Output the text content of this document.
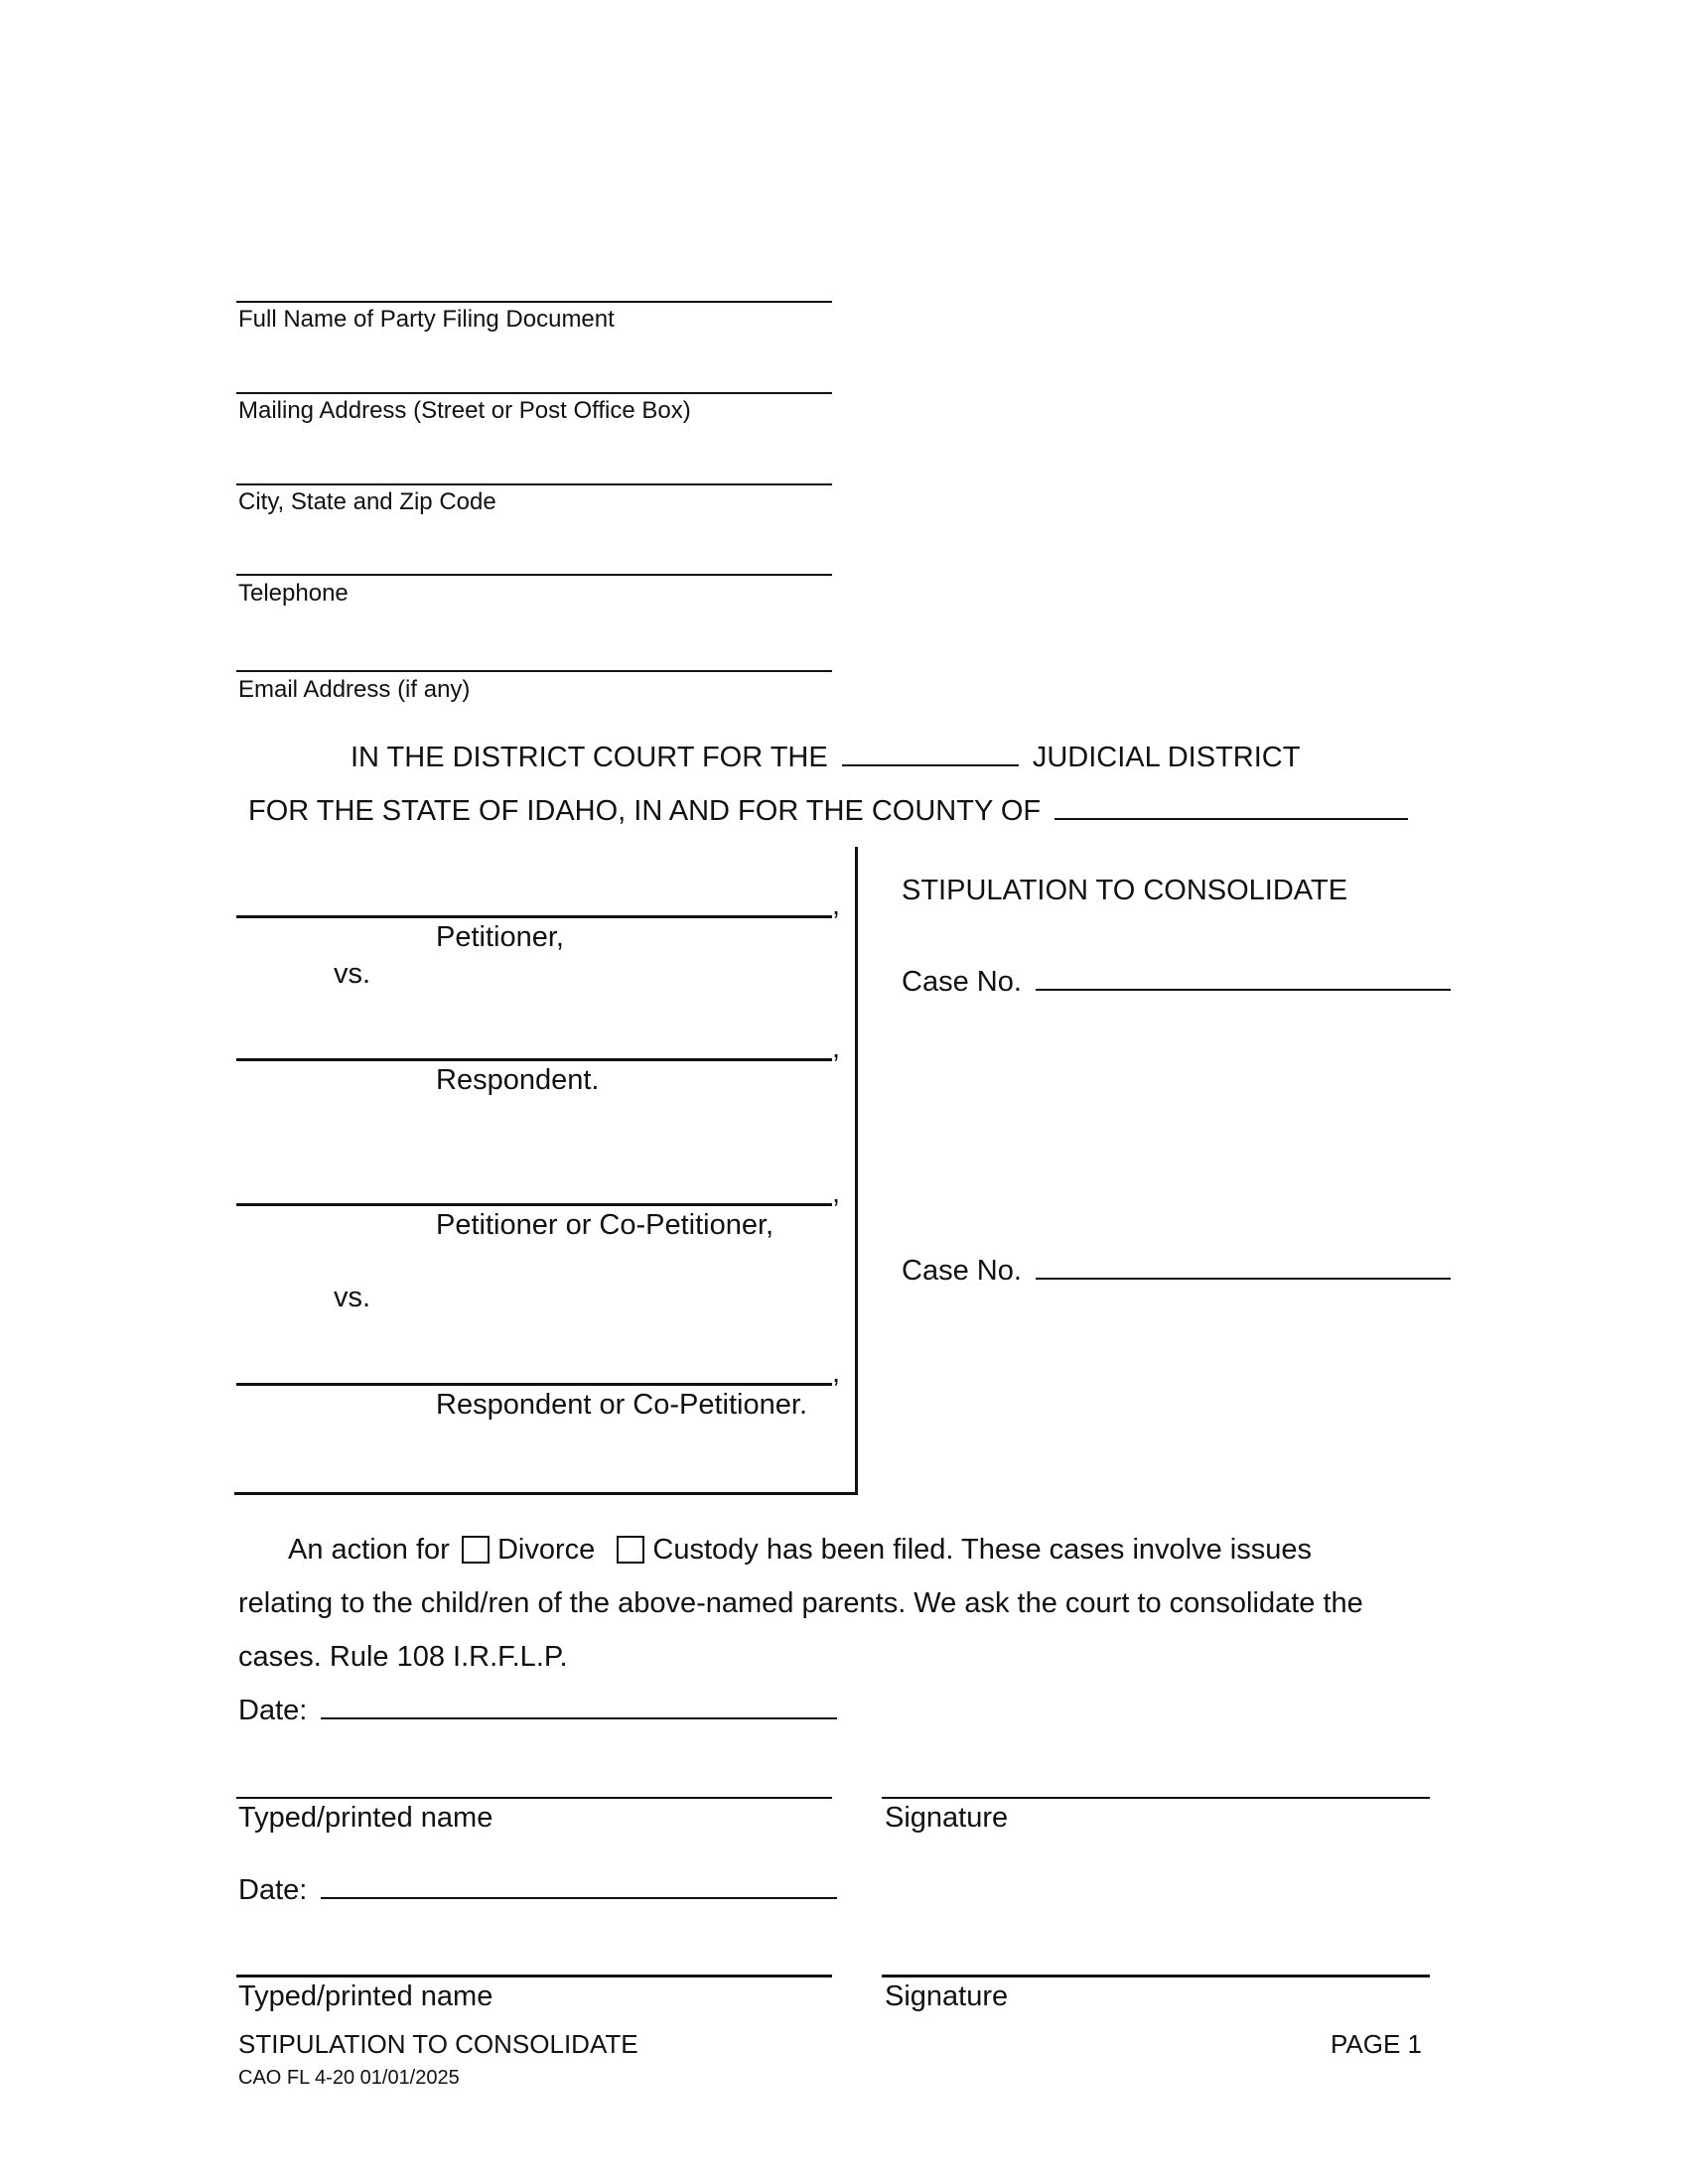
Full Name of Party Filing Document
Mailing Address (Street or Post Office Box)
City, State and Zip Code
Telephone
Email Address (if any)
IN THE DISTRICT COURT FOR THE	JUDICIAL DISTRICT
FOR THE STATE OF IDAHO, IN AND FOR THE COUNTY OF
,
Petitioner,
vs.
,
Respondent.
,
Petitioner or Co-Petitioner,
vs.
,
Respondent or Co-Petitioner.
STIPULATION TO CONSOLIDATE
Case No.
Case No.
An action for Divorce Custody has been filed. These cases involve issues
relating to the child/ren of the above-named parents. We ask the court to consolidate the
cases. Rule 108 I.R.F.L.P.
Date:
Typed/printed name	Signature
Date:
Typed/printed name	Signature
STIPULATION TO CONSOLIDATE
CAO FL 4-20 01/01/2025
PAGE 1
